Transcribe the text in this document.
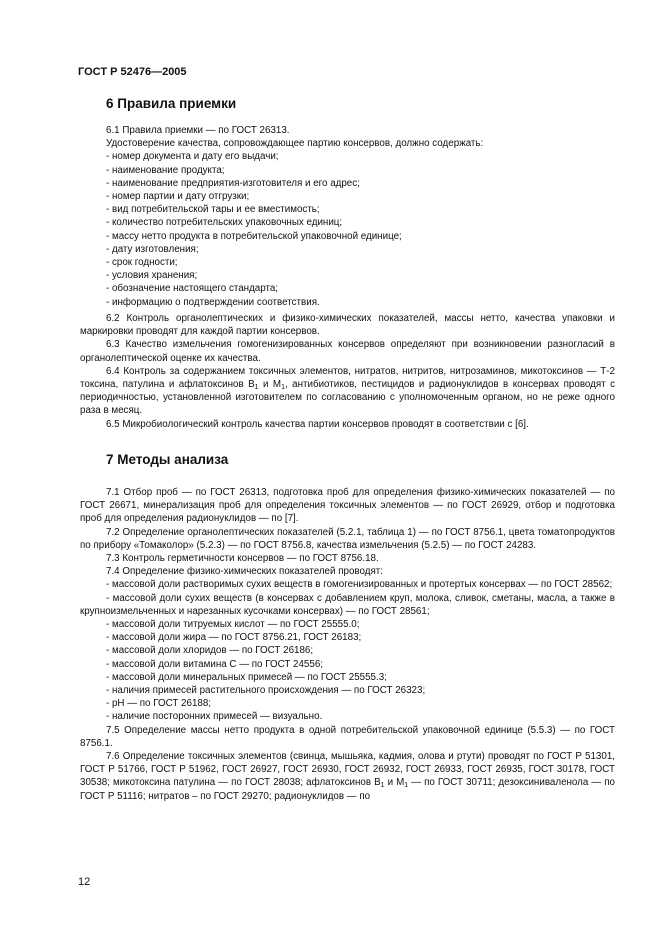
ГОСТ Р 52476—2005

6 Правила приемки

6.1 Правила приемки — по ГОСТ 26313.

Удостоверение качества, сопровождающее партию консервов, должно содержать:

- номер документа и дату его выдачи;

- наименование продукта;

- наименование предприятия-изготовителя и его адрес;

- номер партии и дату отгрузки;

- вид потребительской тары и ее вместимость;

- количество потребительских упаковочных единиц;

- массу нетто продукта в потребительской упаковочной единице;

- дату изготовления;

- срок годности;

- условия хранения;

- обозначение настоящего стандарта;

- информацию о подтверждении соответствия.

6.2 Контроль органолептических и физико-химических показателей, массы нетто, качества упаковки и маркировки проводят для каждой партии консервов.

6.3 Качество измельчения гомогенизированных консервов определяют при возникновении разногласий в органолептической оценке их качества.

6.4 Контроль за содержанием токсичных элементов, нитратов, нитритов, нитрозаминов, микотоксинов — Т-2 токсина, патулина и афлатоксинов $В_1$ и $М_1$, антибиотиков, пестицидов и радионуклидов в консервах проводят с периодичностью, установленной изготовителем по согласованию с уполномоченным органом, но не реже одного раза в месяц.

6.5 Микробиологический контроль качества партии консервов проводят в соответствии с [6].

7 Методы анализа

7.1 Отбор проб — по ГОСТ 26313, подготовка проб для определения физико-химических показателей — по ГОСТ 26671, минерализация проб для определения токсичных элементов — по ГОСТ 26929, отбор и подготовка проб для определения радионуклидов — по [7].

7.2 Определение органолептических показателей (5.2.1, таблица 1) — по ГОСТ 8756.1, цвета томатопродуктов по прибору «Томаколор» (5.2.3) — по ГОСТ 8756.8, качества измельчения (5.2.5) — по ГОСТ 24283.

7.3 Контроль герметичности консервов — по ГОСТ 8756.18.

7.4 Определение физико-химических показателей проводят:

- массовой доли растворимых сухих веществ в гомогенизированных и протертых консервах — по ГОСТ 28562;

- массовой доли сухих веществ (в консервах с добавлением круп, молока, сливок, сметаны, масла, а также в крупноизмельченных и нарезанных кусочками консервах) — по ГОСТ 28561;

- массовой доли титруемых кислот — по ГОСТ 25555.0;

- массовой доли жира — по ГОСТ 8756.21, ГОСТ 26183;

- массовой доли хлоридов — по ГОСТ 26186;

- массовой доли витамина С — по ГОСТ 24556;

- массовой доли минеральных примесей — по ГОСТ 25555.3;

- наличия примесей растительного происхождения — по ГОСТ 26323;

- рН — по ГОСТ 26188;

- наличие посторонних примесей — визуально.

7.5 Определение массы нетто продукта в одной потребительской упаковочной единице (5.5.3) — по ГОСТ 8756.1.

7.6 Определение токсичных элементов (свинца, мышьяка, кадмия, олова и ртути) проводят по ГОСТ Р 51301, ГОСТ Р 51766, ГОСТ Р 51962, ГОСТ 26927, ГОСТ 26930, ГОСТ 26932, ГОСТ 26933, ГОСТ 26935, ГОСТ 30178, ГОСТ 30538; микотоксина патулина — по ГОСТ 28038; афлатоксинов $В_1$ и $М_1$ — по ГОСТ 30711; дезоксиниваленола — по ГОСТ Р 51116; нитратов – по ГОСТ 29270; радионуклидов — по

12
